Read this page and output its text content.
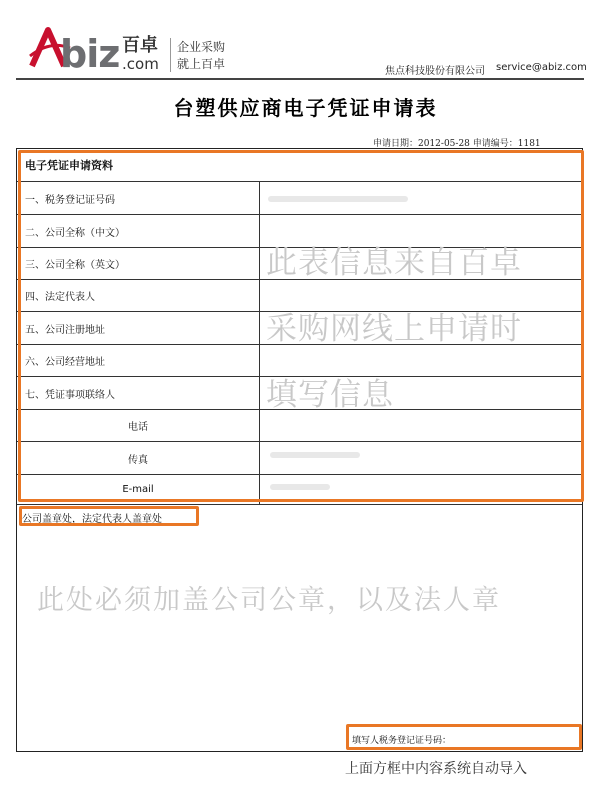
biz 百卓
.com
企业采购
就上百卓
焦点科技股份有限公司 service@abiz.com
台塑供应商电子凭证申请表
申请日期：2012-05-28 申请编号：1181
电子凭证申请资料
一、税务登记证号码
二、公司全称（中文）
三、公司全称（英文）
四、法定代表人
五、公司注册地址
六、公司经营地址
七、凭证事项联络人
电话
传真
E-mail
此表信息来自百卓
采购网线上申请时
填写信息
此处必须加盖公司公章，以及法人章
公司盖章处，法定代表人盖章处
填写人税务登记证号码：
上面方框中内容系统自动导入
